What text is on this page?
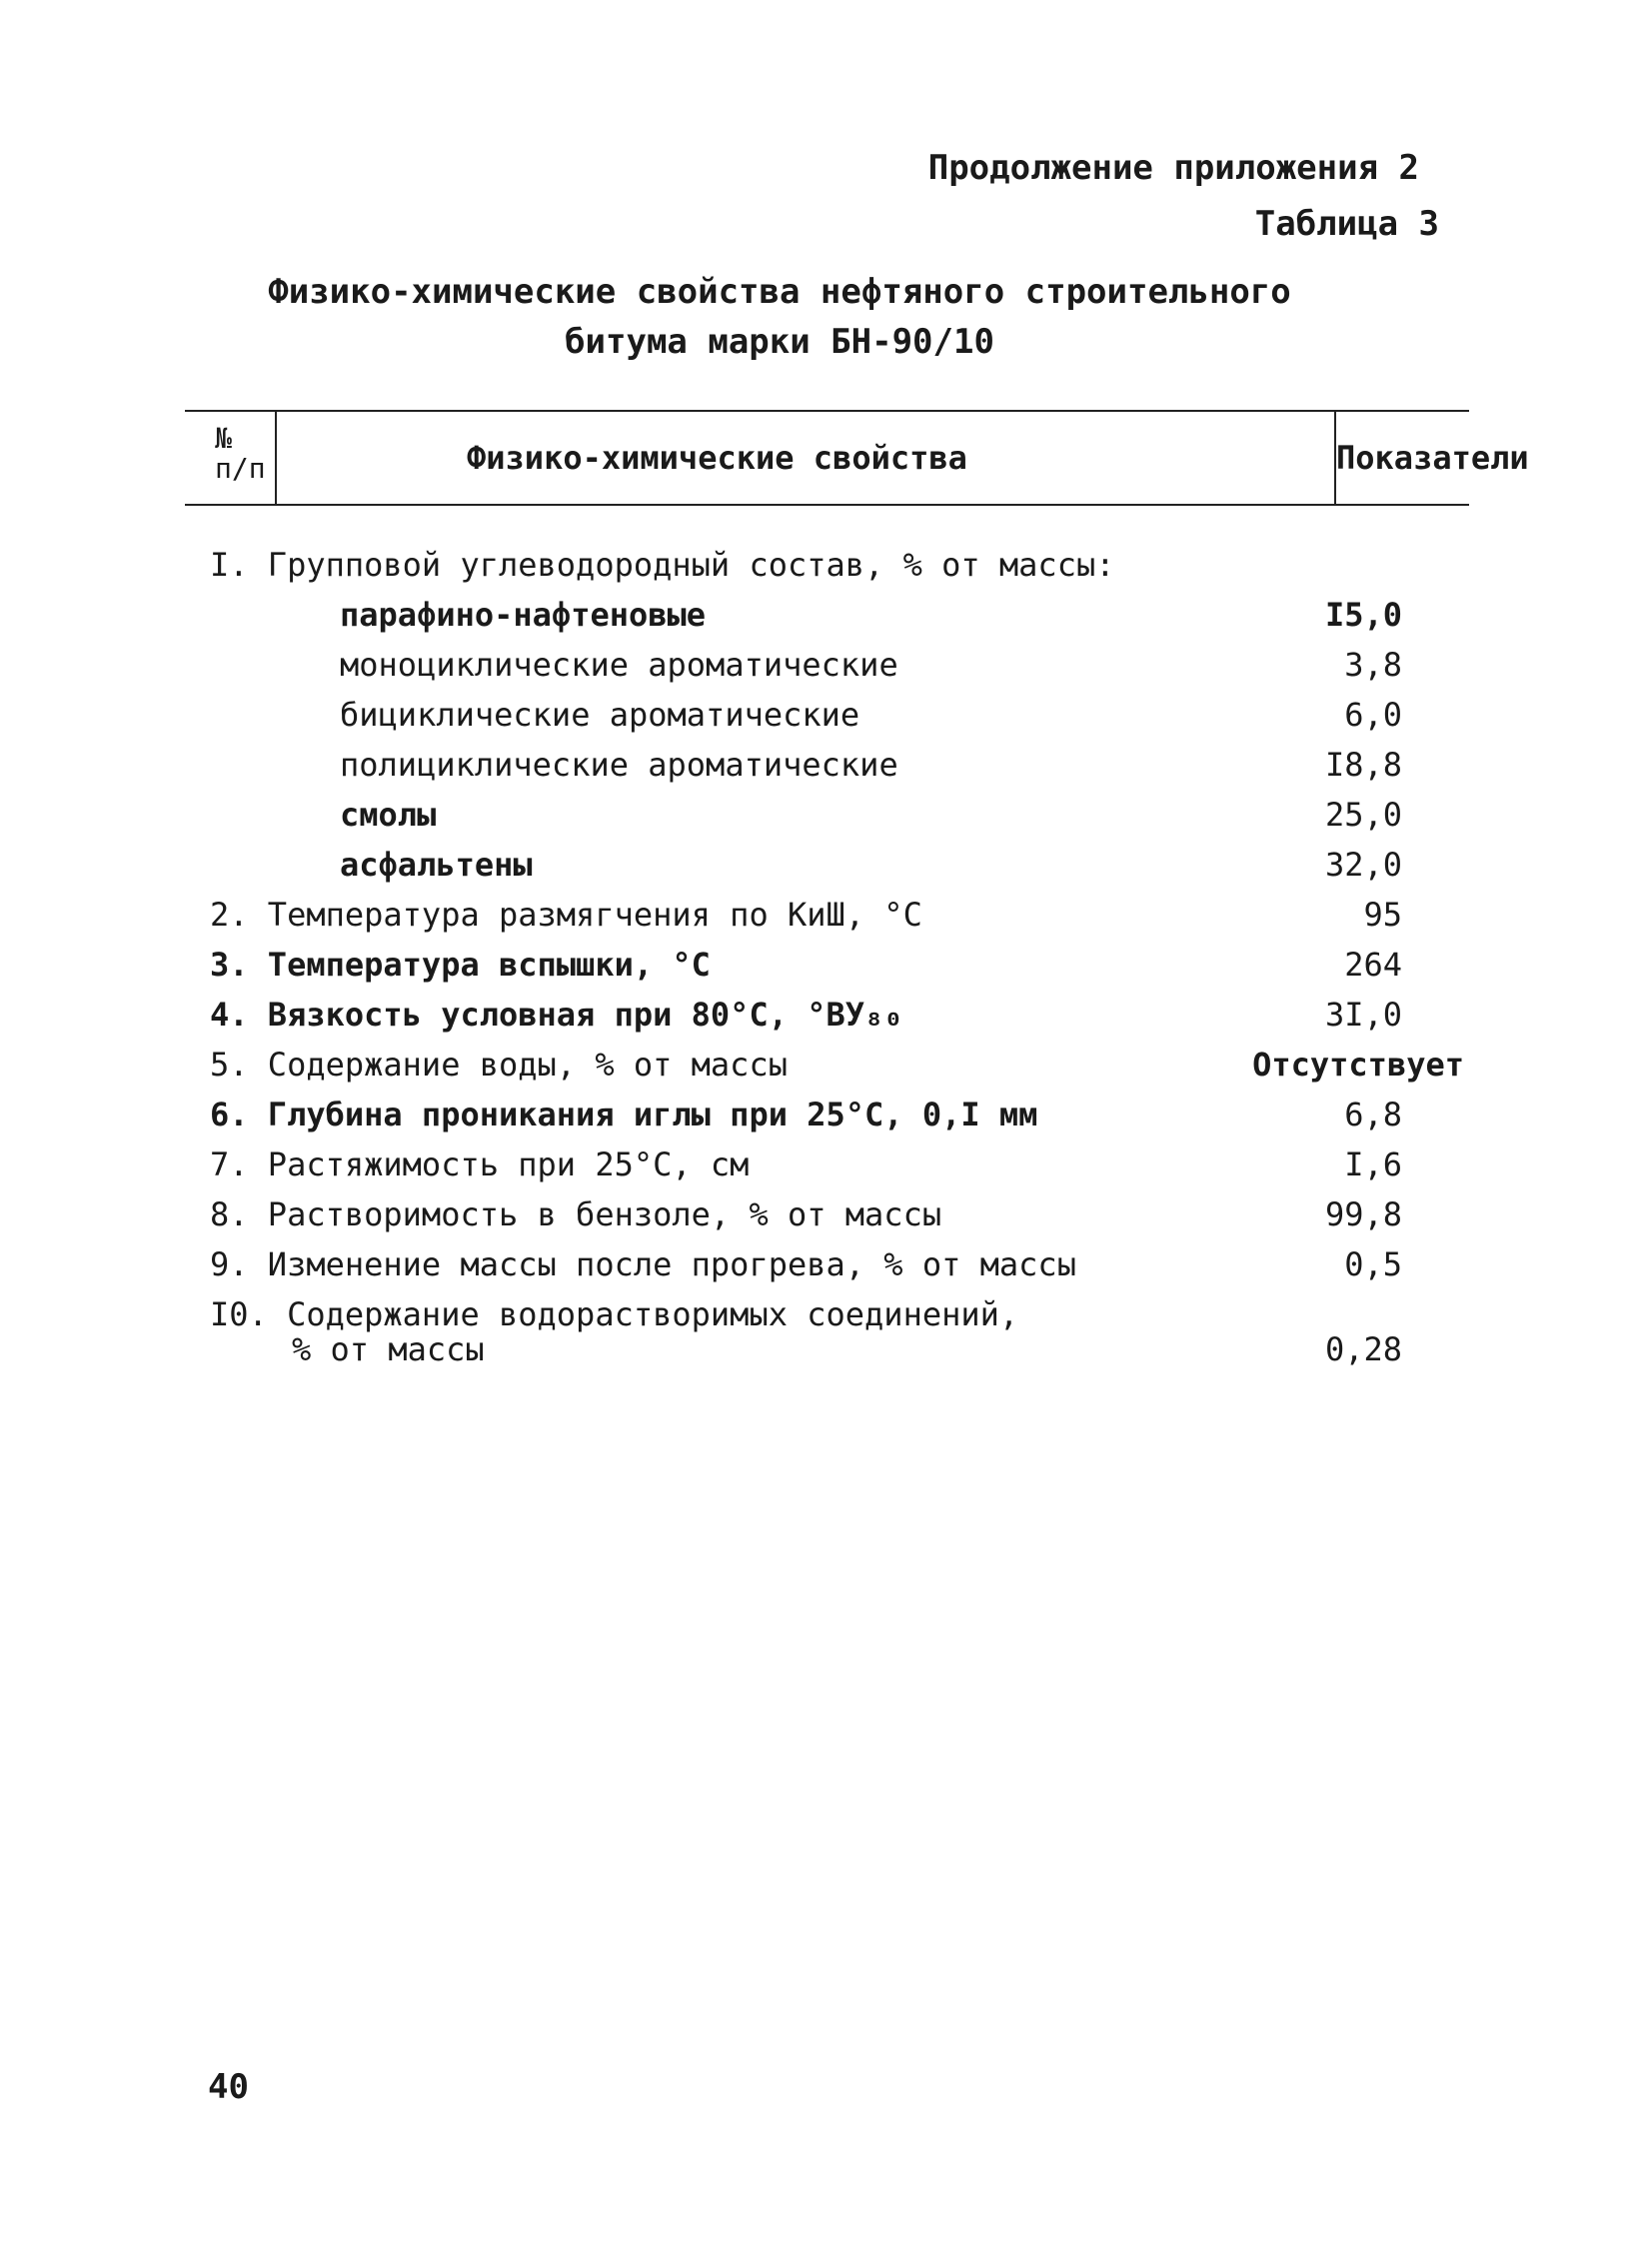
Продолжение приложения 2
Таблица 3
Физико-химические свойства нефтяного строительного
битума марки БН-90/10
№
п/п	Физико-химические свойства	Показатели
I. Групповой углеводородный состав, % от массы:
парафино-нафтеновые	I5,0
моноциклические ароматические	3,8
бициклические ароматические	6,0
полициклические ароматические	I8,8
смолы	25,0
асфальтены	32,0
2. Температура размягчения по КиШ, °С	95
3. Температура вспышки, °С	264
4. Вязкость условная при 80°С, °ВУ₈₀	3I,0
5. Содержание воды, % от массы	Отсутствует
6. Глубина проникания иглы при 25°С, 0,I мм	6,8
7. Растяжимость при 25°С, см	I,6
8. Растворимость в бензоле, % от массы	99,8
9. Изменение массы после прогрева, % от массы	0,5
I0. Содержание водорастворимых соединений,
% от массы	0,28
40
